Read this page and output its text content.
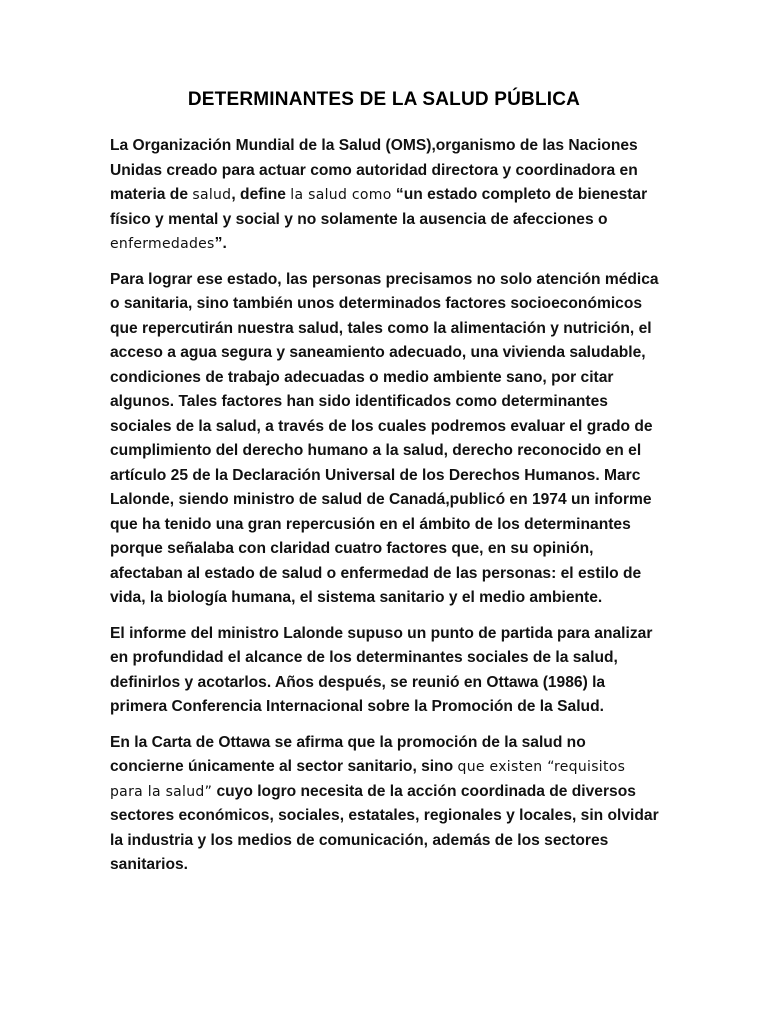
DETERMINANTES DE LA SALUD PÚBLICA

La Organización Mundial de la Salud (OMS),organismo de las Naciones Unidas creado para actuar como autoridad directora y coordinadora en materia de salud, define la salud como “un estado completo de bienestar físico y mental y social y no solamente la ausencia de afecciones o enfermedades”.

Para lograr ese estado, las personas precisamos no solo atención médica o sanitaria, sino también unos determinados factores socioeconómicos que repercutirán nuestra salud, tales como la alimentación y nutrición, el acceso a agua segura y saneamiento adecuado, una vivienda saludable, condiciones de trabajo adecuadas o medio ambiente sano, por citar algunos. Tales factores han sido identificados como determinantes sociales de la salud, a través de los cuales podremos evaluar el grado de cumplimiento del derecho humano a la salud, derecho reconocido en el artículo 25 de la Declaración Universal de los Derechos Humanos. Marc Lalonde, siendo ministro de salud de Canadá,publicó en 1974 un informe que ha tenido una gran repercusión en el ámbito de los determinantes porque señalaba con claridad cuatro factores que, en su opinión, afectaban al estado de salud o enfermedad de las personas: el estilo de vida, la biología humana, el sistema sanitario y el medio ambiente.

El informe del ministro Lalonde supuso un punto de partida para analizar en profundidad el alcance de los determinantes sociales de la salud, definirlos y acotarlos. Años después, se reunió en Ottawa (1986) la primera Conferencia Internacional sobre la Promoción de la Salud.

En la Carta de Ottawa se afirma que la promoción de la salud no concierne únicamente al sector sanitario, sino que existen “requisitos para la salud” cuyo logro necesita de la acción coordinada de diversos sectores económicos, sociales, estatales, regionales y locales, sin olvidar la industria y los medios de comunicación, además de los sectores sanitarios.
